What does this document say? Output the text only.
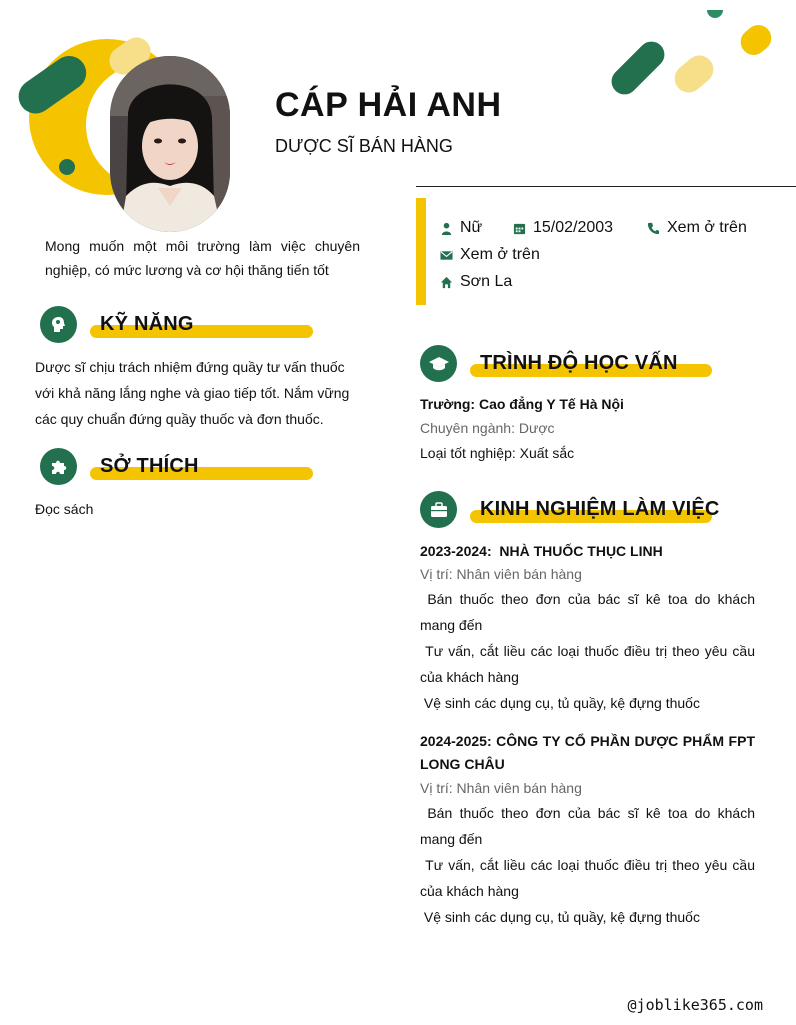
CÁP HẢI ANH
DƯỢC SĨ BÁN HÀNG
Nữ	15/02/2003	Xem ở trên
Xem ở trên
Sơn La
Mong muốn một môi trường làm việc chuyên nghiệp, có mức lương và cơ hội thăng tiến tốt
KỸ NĂNG
Dược sĩ chịu trách nhiệm đứng quầy tư vấn thuốc với khả năng lắng nghe và giao tiếp tốt. Nắm vững các quy chuẩn đứng quầy thuốc và đơn thuốc.
SỞ THÍCH
Đọc sách
TRÌNH ĐỘ HỌC VẤN
Trường: Cao đẳng Y Tế Hà Nội
Chuyên ngành: Dược
Loại tốt nghiệp: Xuất sắc
KINH NGHIỆM LÀM VIỆC
2023-2024:  NHÀ THUỐC THỤC LINH
Vị trí: Nhân viên bán hàng
Bán thuốc theo đơn của bác sĩ kê toa do khách mang đến
Tư vấn, cắt liều các loại thuốc điều trị theo yêu cầu của khách hàng
Vệ sinh các dụng cụ, tủ quầy, kệ đựng thuốc
2024-2025: CÔNG TY CỔ PHẦN DƯỢC PHẨM FPT LONG CHÂU
Vị trí: Nhân viên bán hàng
Bán thuốc theo đơn của bác sĩ kê toa do khách mang đến
Tư vấn, cắt liều các loại thuốc điều trị theo yêu cầu của khách hàng
Vệ sinh các dụng cụ, tủ quầy, kệ đựng thuốc
@joblike365.com
